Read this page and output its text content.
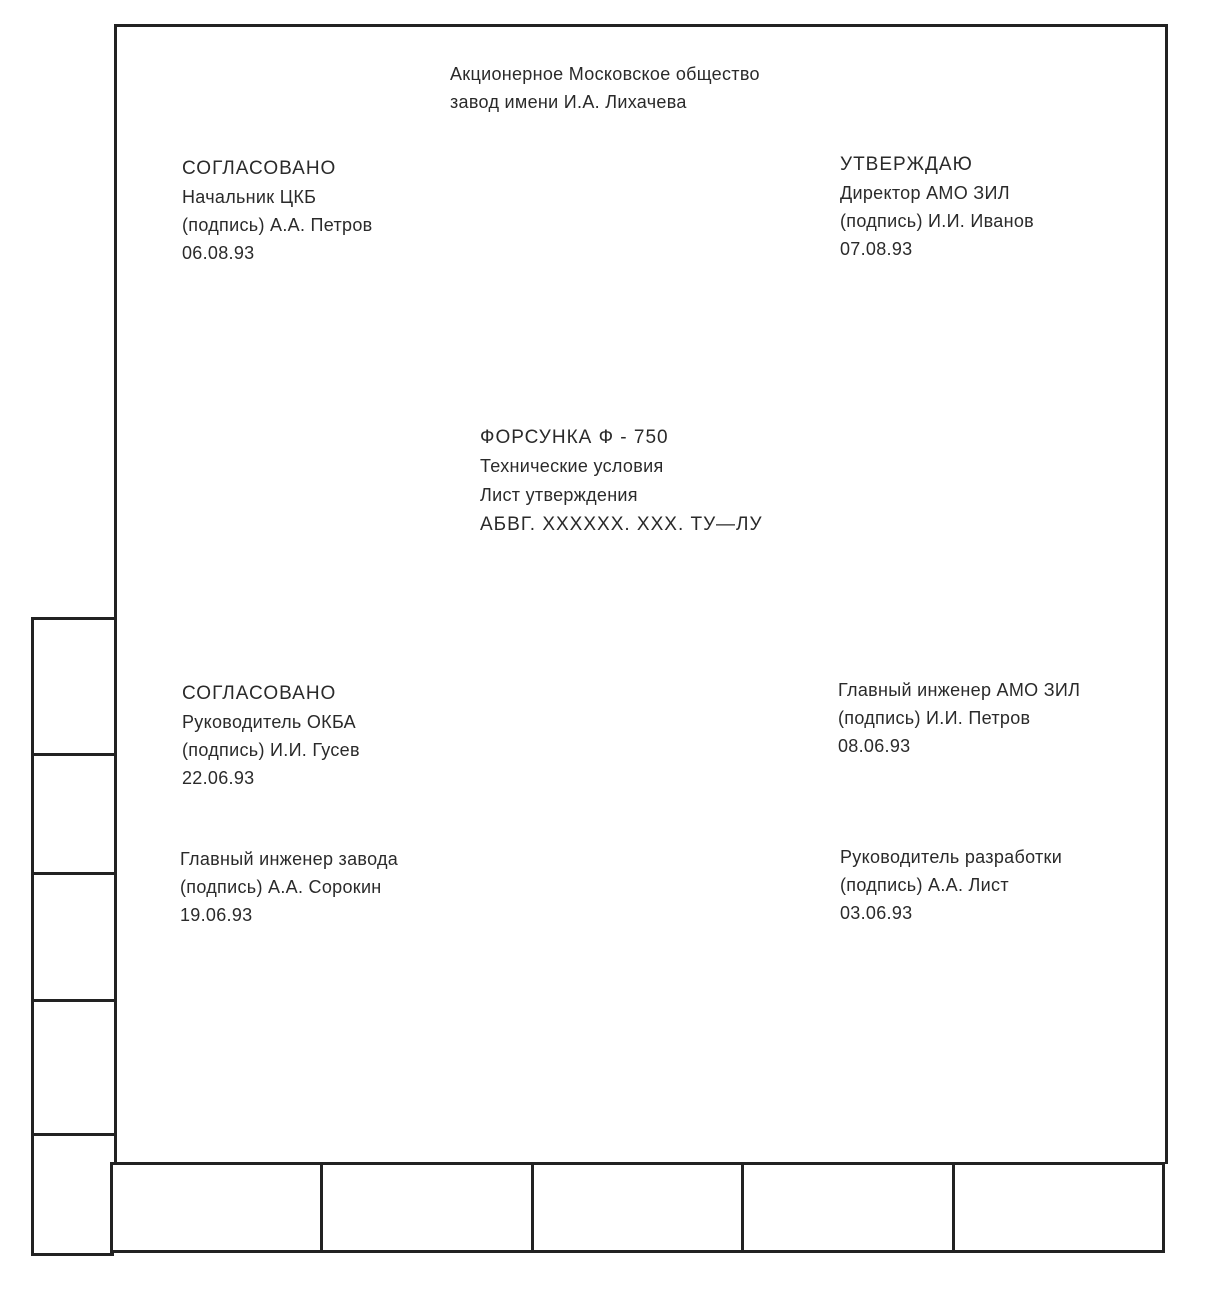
Акционерное Московское общество
завод имени И.А. Лихачева
СОГЛАСОВАНО
Начальник ЦКБ
(подпись) А.А. Петров
06.08.93
УТВЕРЖДАЮ
Директор АМО ЗИЛ
(подпись) И.И. Иванов
07.08.93
ФОРСУНКА Ф - 750
Технические условия
Лист утверждения
АБВГ. XXXXXX. XXX. ТУ—ЛУ
СОГЛАСОВАНО
Руководитель ОКБА
(подпись) И.И. Гусев
22.06.93
Главный инженер АМО ЗИЛ
(подпись) И.И. Петров
08.06.93
Главный инженер завода
(подпись) А.А. Сорокин
19.06.93
Руководитель разработки
(подпись) А.А. Лист
03.06.93
